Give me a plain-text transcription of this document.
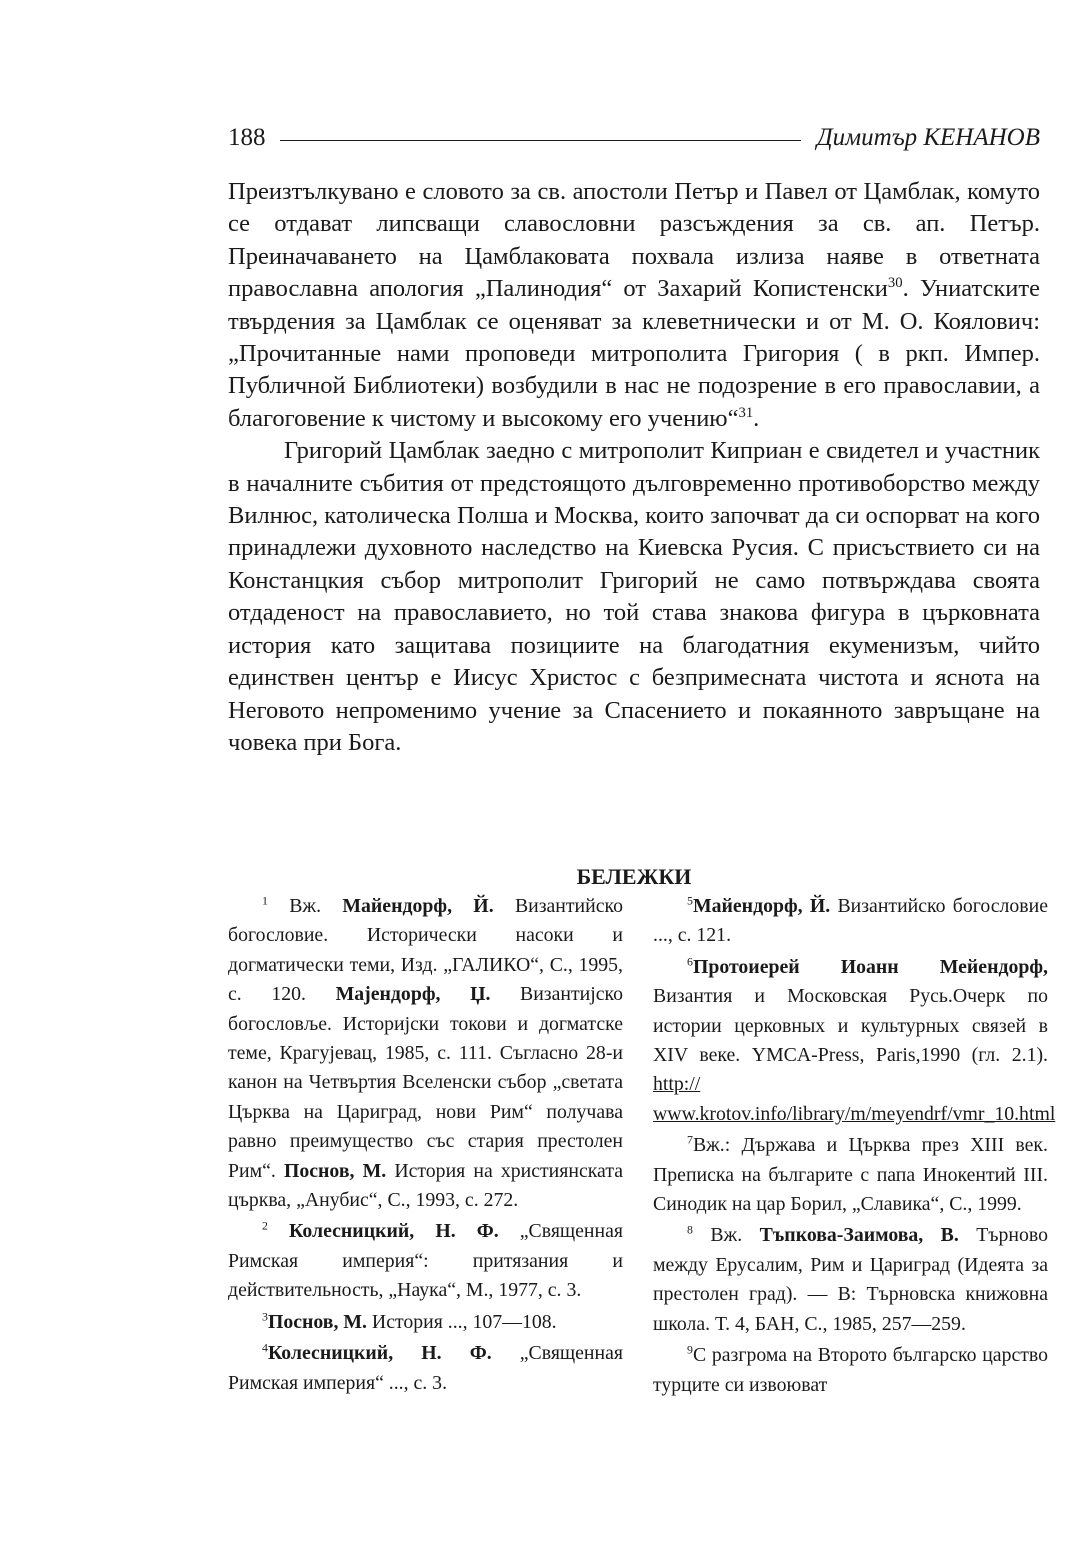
188	Димитър КЕНАНОВ

Преизтълкувано е словото за св. апостоли Петър и Павел от Цамблак, комуто се отдават липсващи славословни разсъждения за св. ап. Петър. Преиначаването на Цамблаковата похвала излиза наяве в ответната православна апология „Палинодия“ от Захарий Копистенски$^{30}$. Униатските твърдения за Цамблак се оценяват за клеветнически и от М. О. Коялович: „Прочитанные нами проповеди митрополита Григория ( в ркп. Импер. Публичной Библиотеки) возбудили в нас не подозрение в его православии, а благоговение к чистому и высокому его учению“$^{31}$.

Григорий Цамблак заедно с митрополит Киприан е свидетел и участник в началните събития от предстоящото дълговременно противоборство между Вилнюс, католическа Полша и Москва, които започват да си оспорват на кого принадлежи духовното наследство на Киевска Русия. С присъствието си на Констанцкия събор митрополит Григорий не само потвърждава своята отдаденост на православието, но той става знакова фигура в църковната история като защитава позициите на благодатния екуменизъм, чийто единствен център е Иисус Христос с безпримесната чистота и яснота на Неговото непроменимо учение за Спасението и покаянното завръщане на човека при Бога.

БЕЛЕЖКИ

$^1$ Вж. Майендорф, Й. Византийско богословие. Исторически насоки и догматически теми, Изд. „ГАЛИКО“, С., 1995, с. 120. Мајендорф, Џ. Византијско богословље. Историјски токови и догматске теме, Крагујевац, 1985, с. 111. Съгласно 28-и канон на Четвъртия Вселенски събор „светата Църква на Цариград, нови Рим“ получава равно преимущество със стария престолен Рим“. Поснов, М. История на християнската църква, „Анубис“, С., 1993, с. 272.

$^2$ Колесницкий, Н. Ф. „Священная Римская империя“: притязания и действительность, „Наука“, М., 1977, с. 3.

$^3$Поснов, М. История ..., 107—108.

$^4$Колесницкий, Н. Ф. „Священная Римская империя“ ..., с. 3.

$^5$Майендорф, Й. Византийско богословие ..., с. 121.

$^6$Протоиерей Иоанн Мейендорф, Византия и Московская Русь.Очерк по истории церковных и культурных связей в XIV веке. YMCA-Press, Paris,1990 (гл. 2.1). http:// www.krotov.info/library/m/meyendrf/vmr_10.html

$^7$Вж.: Държава и Църква през XIII век. Преписка на българите с папа Инокентий III. Синодик на цар Борил, „Славика“, С., 1999.

$^8$ Вж. Тъпкова-Заимова, В. Търново между Ерусалим, Рим и Цариград (Идеята за престолен град). — В: Търновска книжовна школа. Т. 4, БАН, С., 1985, 257—259.

$^9$С разгрома на Второто българско царство турците си извоюват
